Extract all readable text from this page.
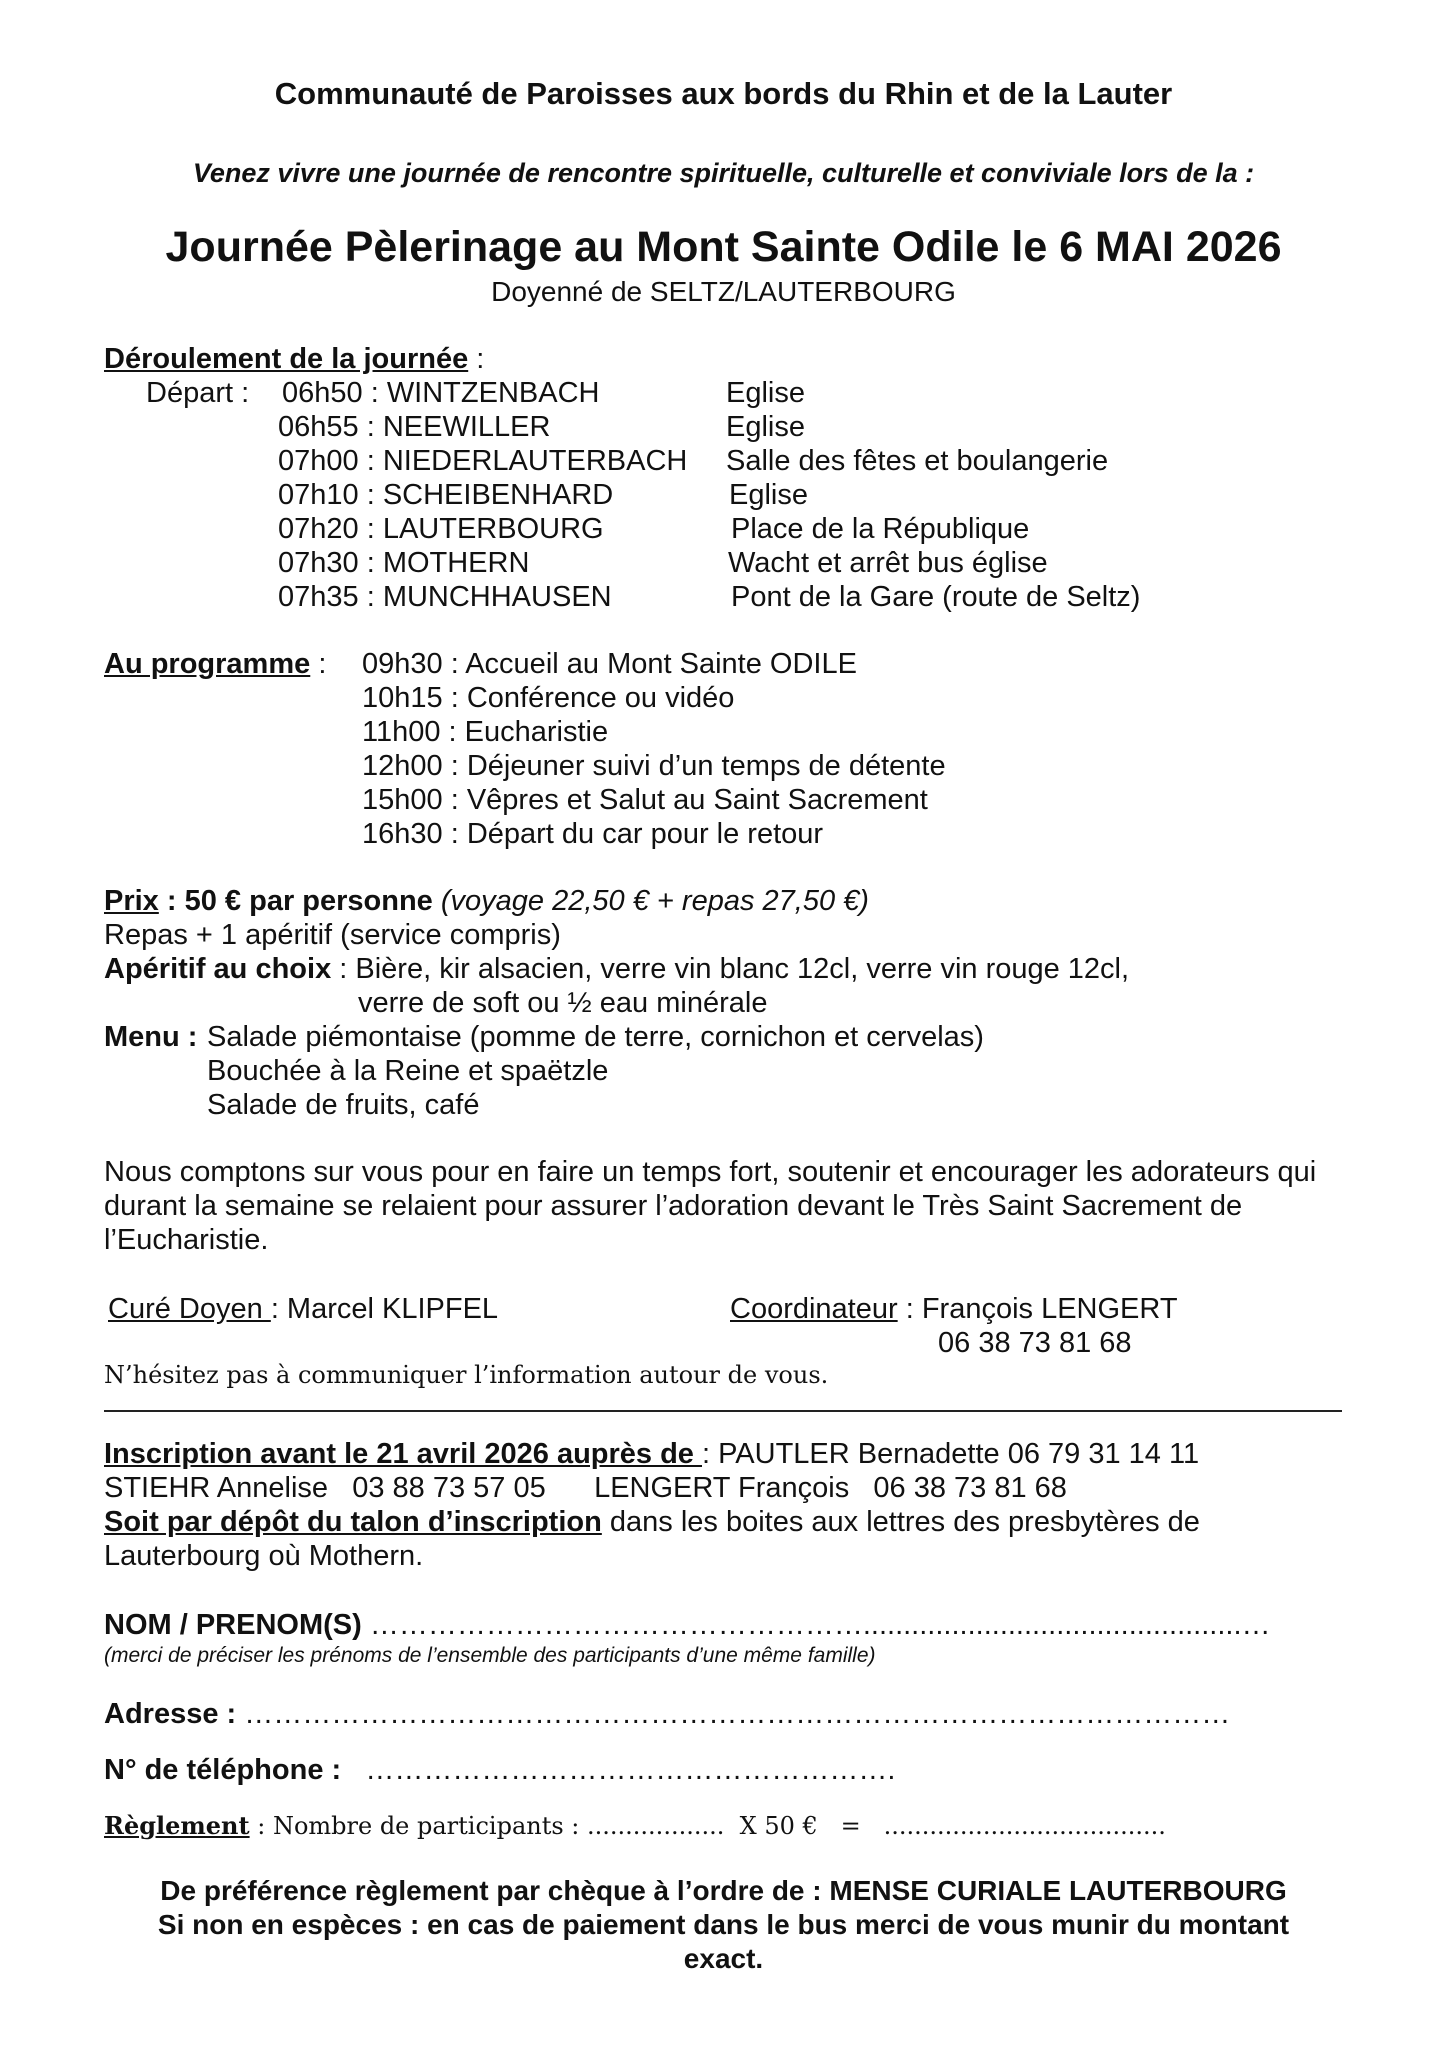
Communauté de Paroisses aux bords du Rhin et de la Lauter
Venez vivre une journée de rencontre spirituelle, culturelle et conviviale lors de la :
Journée Pèlerinage au Mont Sainte Odile le 6 MAI 2026
Doyenné de SELTZ/LAUTERBOURG
Déroulement de la journée :
Départ : 06h50 : WINTZENBACH	Eglise
06h55 : NEEWILLER	Eglise
07h00 : NIEDERLAUTERBACH Salle des fêtes et boulangerie
07h10 : SCHEIBENHARD	Eglise
07h20 : LAUTERBOURG	Place de la République
07h30 : MOTHERN	Wacht et arrêt bus église
07h35 : MUNCHHAUSEN	Pont de la Gare (route de Seltz)
Au programme : 09h30 : Accueil au Mont Sainte ODILE
10h15 : Conférence ou vidéo
11h00 : Eucharistie
12h00 : Déjeuner suivi d’un temps de détente
15h00 : Vêpres et Salut au Saint Sacrement
16h30 : Départ du car pour le retour
Prix : 50 € par personne (voyage 22,50 € + repas 27,50 €)
Repas + 1 apéritif (service compris)
Apéritif au choix : Bière, kir alsacien, verre vin blanc 12cl, verre vin rouge 12cl,
verre de soft ou ½ eau minérale
Menu : Salade piémontaise (pomme de terre, cornichon et cervelas)
Bouchée à la Reine et spaëtzle
Salade de fruits, café
Nous comptons sur vous pour en faire un temps fort, soutenir et encourager les adorateurs qui
durant la semaine se relaient pour assurer l’adoration devant le Très Saint Sacrement de
l’Eucharistie.
Curé Doyen : Marcel KLIPFEL	Coordinateur : François LENGERT
06 38 73 81 68
N’hésitez pas à communiquer l’information autour de vous.
Inscription avant le 21 avril 2026 auprès de : PAUTLER Bernadette 06 79 31 14 11
STIEHR Annelise   03 88 73 57 05      LENGERT François   06 38 73 81 68
Soit par dépôt du talon d’inscription dans les boites aux lettres des presbytères de
Lauterbourg où Mothern.
NOM / PRENOM(S) ……………………………………………...............................................…
(merci de préciser les prénoms de l’ensemble des participants d’une même famille)
Adresse : …………………………………………………………………………………………
N° de téléphone : ……………………………………………….
Règlement : Nombre de participants : ..................  X 50 €   =   .....................................
De préférence règlement par chèque à l’ordre de : MENSE CURIALE LAUTERBOURG
Si non en espèces : en cas de paiement dans le bus merci de vous munir du montant
exact.
